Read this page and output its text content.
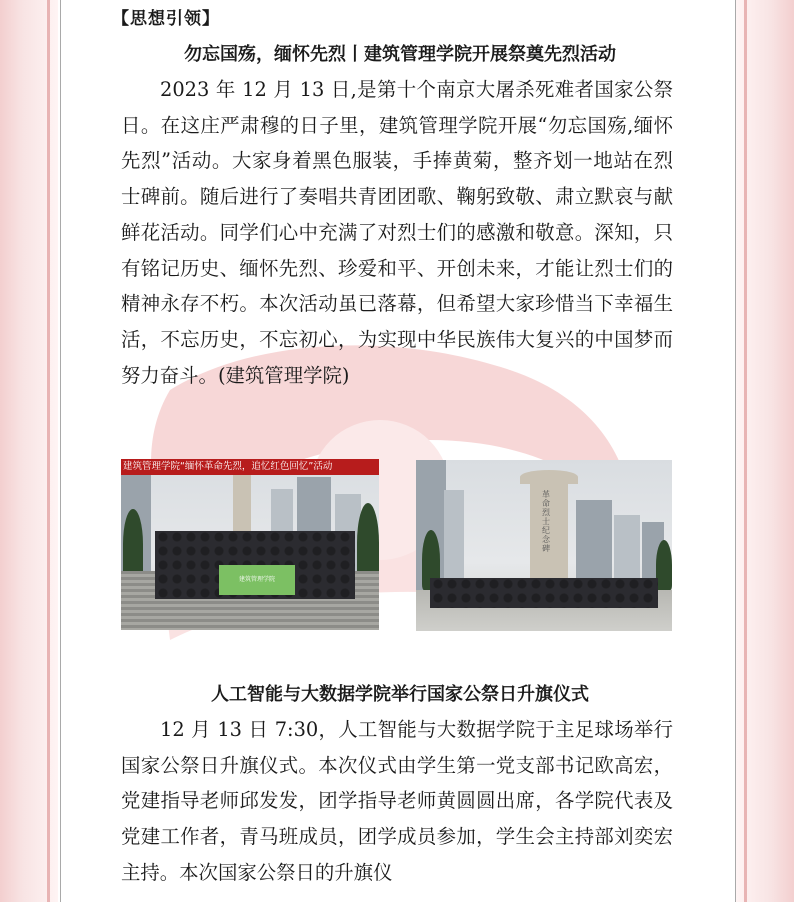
【思想引领】
勿忘国殇，缅怀先烈丨建筑管理学院开展祭奠先烈活动
2023 年 12 月 13 日,是第十个南京大屠杀死难者国家公祭日。在这庄严肃穆的日子里，建筑管理学院开展“勿忘国殇,缅怀先烈”活动。大家身着黑色服装，手捧黄菊，整齐划一地站在烈士碑前。随后进行了奏唱共青团团歌、鞠躬致敬、肃立默哀与献鲜花活动。同学们心中充满了对烈士们的感激和敬意。深知，只有铭记历史、缅怀先烈、珍爱和平、开创未来，才能让烈士们的精神永存不朽。本次活动虽已落幕，但希望大家珍惜当下幸福生活，不忘历史，不忘初心，为实现中华民族伟大复兴的中国梦而努力奋斗。(建筑管理学院)
建筑管理学院
建筑管理学院“缅怀革命先烈，追忆红色回忆”活动
革命烈士纪念碑
人工智能与大数据学院举行国家公祭日升旗仪式
12 月 13 日 7:30，人工智能与大数据学院于主足球场举行国家公祭日升旗仪式。本次仪式由学生第一党支部书记欧高宏，党建指导老师邱发发，团学指导老师黄圆圆出席，各学院代表及党建工作者，青马班成员，团学成员参加，学生会主持部刘奕宏主持。本次国家公祭日的升旗仪
